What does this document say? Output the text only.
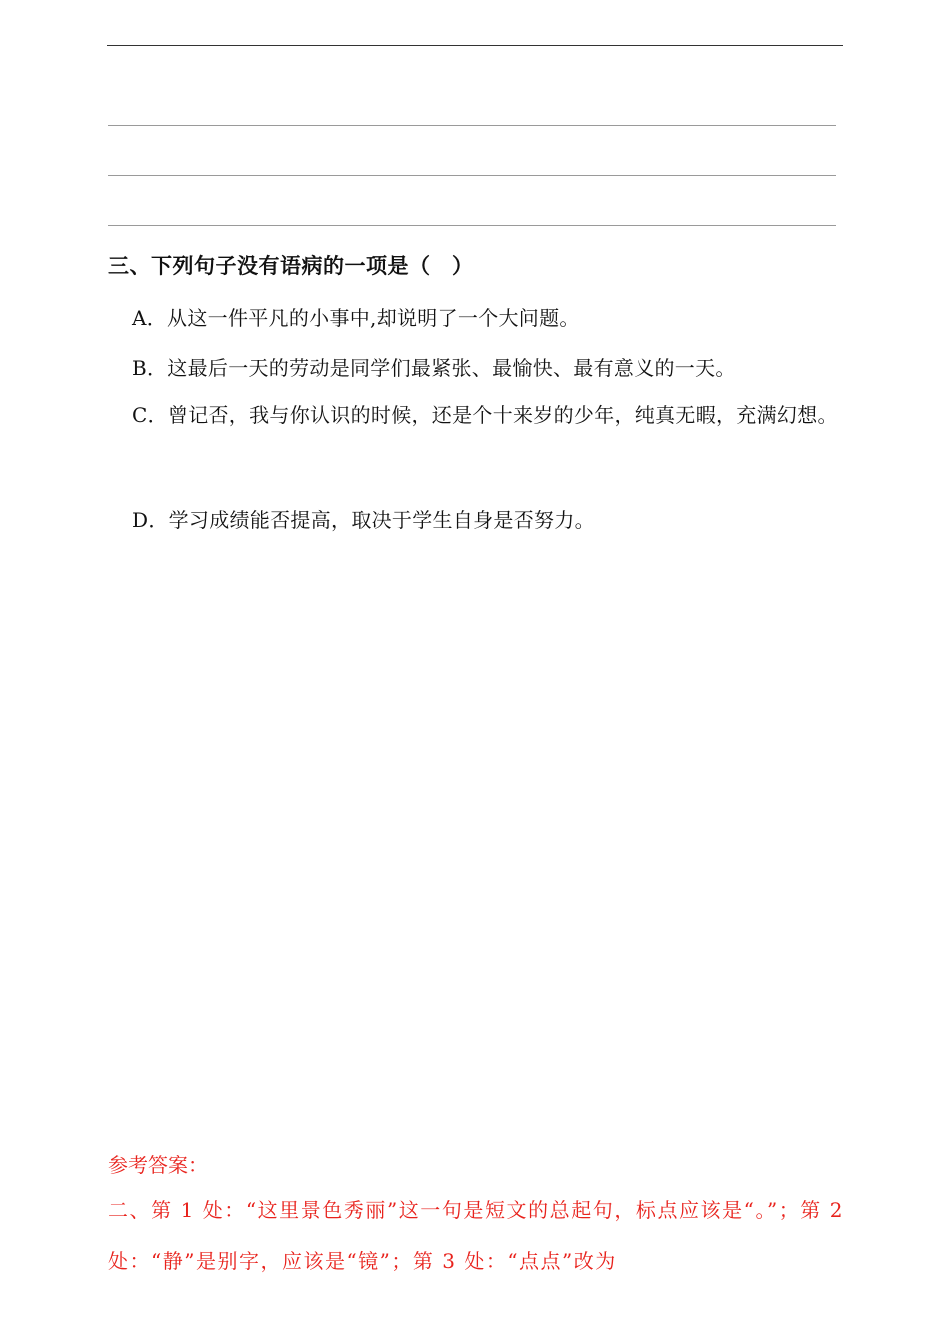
三、下列句子没有语病的一项是（　）
A．从这一件平凡的小事中,却说明了一个大问题。
B．这最后一天的劳动是同学们最紧张、最愉快、最有意义的一天。
C．曾记否，我与你认识的时候，还是个十来岁的少年，纯真无暇，充满幻想。
D．学习成绩能否提高，取决于学生自身是否努力。
参考答案：
二、第 1 处：“这里景色秀丽”这一句是短文的总起句，标点应该是“。”；第 2 处：“静”是别字，应该是“镜”；第 3 处：“点点”改为
